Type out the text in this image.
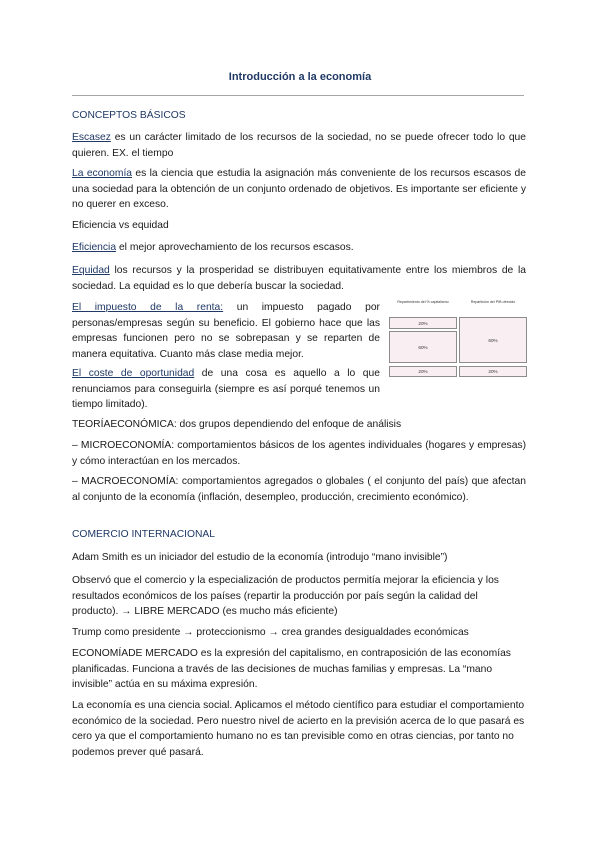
Introducción a la economía

CONCEPTOS BÁSICOS

Escasez es un carácter limitado de los recursos de la sociedad, no se puede ofrecer todo lo que quieren. EX. el tiempo

La economía es la ciencia que estudia la asignación más conveniente de los recursos escasos de una sociedad para la obtención de un conjunto ordenado de objetivos. Es importante ser eficiente y no querer en exceso.

Eficiencia vs equidad

Eficiencia el mejor aprovechamiento de los recursos escasos.

Equidad los recursos y la prosperidad se distribuyen equitativamente entre los miembros de la sociedad. La equidad es lo que debería buscar la sociedad.

El impuesto de la renta: un impuesto pagado por personas/empresas según su beneficio. El gobierno hace que las empresas funcionen pero no se sobrepasan y se reparten de manera equitativa. Cuanto más clase media mejor.

El coste de oportunidad de una cosa es aquello a lo que renunciamos para conseguirla (siempre es así porqué tenemos un tiempo limitado).

Repartimiento del % capitalismo	Repartición del PIB ofrecido
20%
60%
20%
60%
20%

TEORÍAECONÓMICA: dos grupos dependiendo del enfoque de análisis

– MICROECONOMÍA: comportamientos básicos de los agentes individuales (hogares y empresas) y cómo interactúan en los mercados.

– MACROECONOMÍA: comportamientos agregados o globales ( el conjunto del país) que afectan al conjunto de la economía (inflación, desempleo, producción, crecimiento económico).

COMERCIO INTERNACIONAL

Adam Smith es un iniciador del estudio de la economía (introdujo “mano invisible”)

Observó que el comercio y la especialización de productos permitía mejorar la eficiencia y los resultados económicos de los países (repartir la producción por país según la calidad del producto). → LIBRE MERCADO (es mucho más eficiente)

Trump como presidente → proteccionismo → crea grandes desigualdades económicas

ECONOMÍADE MERCADO es la expresión del capitalismo, en contraposición de las economías planificadas. Funciona a través de las decisiones de muchas familias y empresas. La “mano invisible” actúa en su máxima expresión.

La economía es una ciencia social. Aplicamos el método científico para estudiar el comportamiento económico de la sociedad. Pero nuestro nivel de acierto en la previsión acerca de lo que pasará es cero ya que el comportamiento humano no es tan previsible como en otras ciencias, por tanto no podemos prever qué pasará.
